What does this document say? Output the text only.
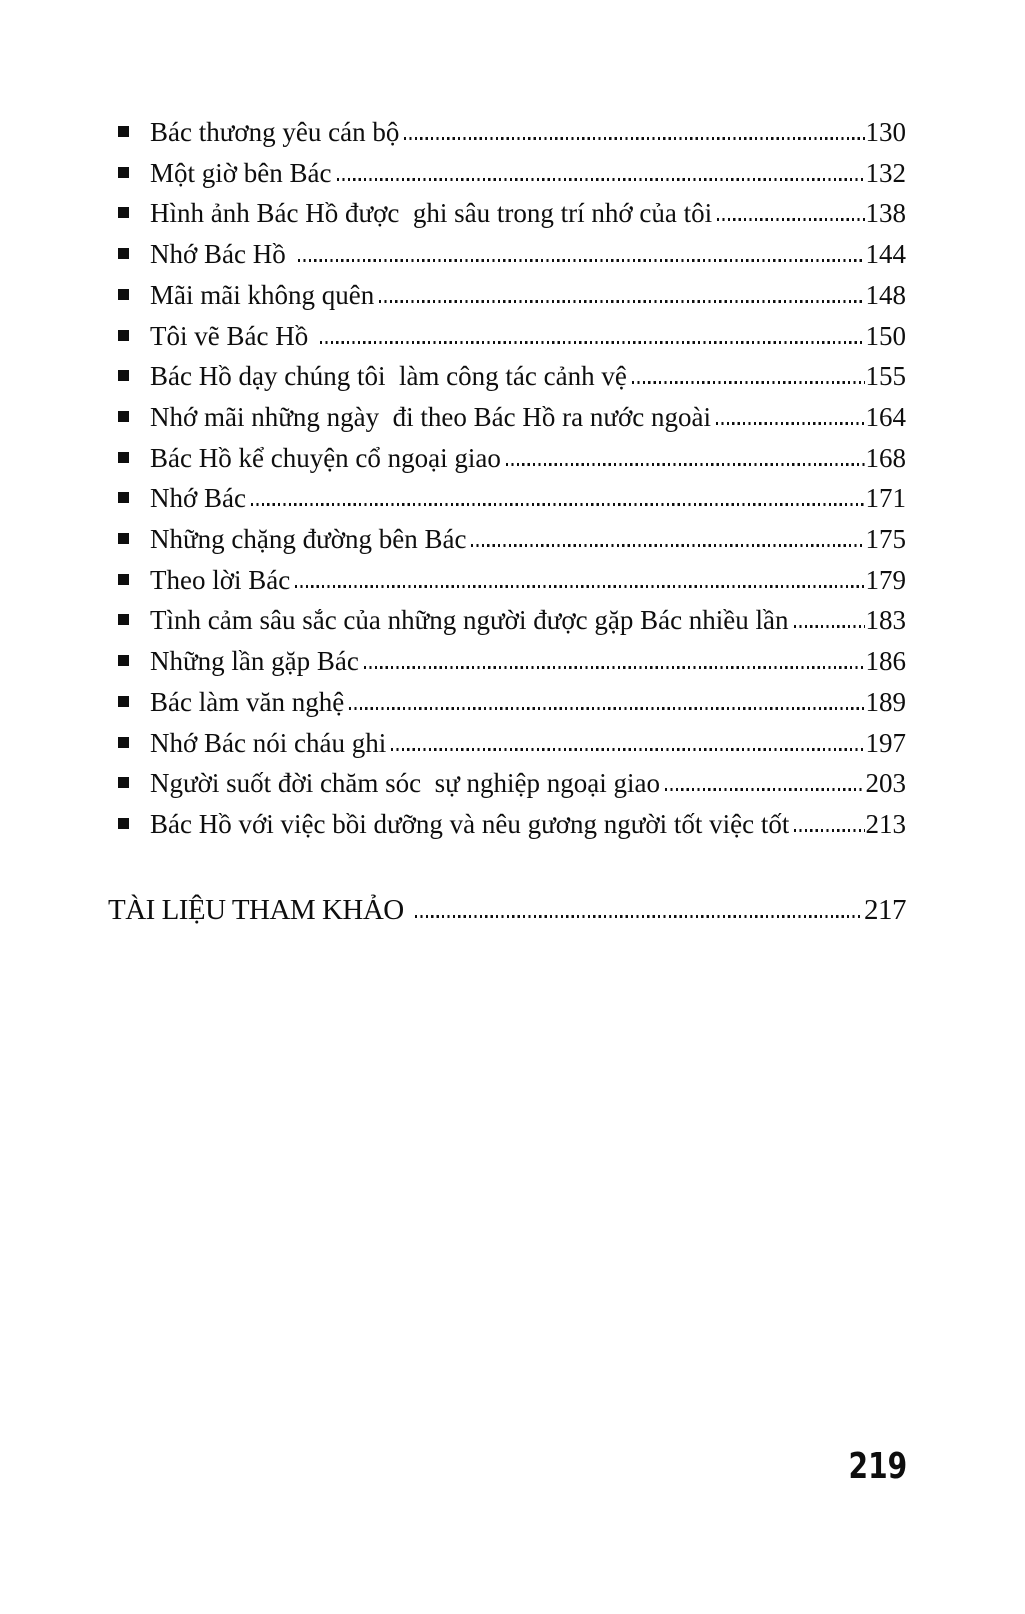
Bác thương yêu cán bộ	130
Một giờ bên Bác	132
Hình ảnh Bác Hồ được  ghi sâu trong trí nhớ của tôi	138
Nhớ Bác Hồ	144
Mãi mãi không quên	148
Tôi vẽ Bác Hồ	150
Bác Hồ dạy chúng tôi  làm công tác cảnh vệ	155
Nhớ mãi những ngày  đi theo Bác Hồ ra nước ngoài	164
Bác Hồ kể chuyện cổ ngoại giao	168
Nhớ Bác	171
Những chặng đường bên Bác	175
Theo lời Bác	179
Tình cảm sâu sắc của những người được gặp Bác nhiều lần	183
Những lần gặp Bác	186
Bác làm văn nghệ	189
Nhớ Bác nói cháu ghi	197
Người suốt đời chăm sóc  sự nghiệp ngoại giao	203
Bác Hồ với việc bồi dưỡng và nêu gương người tốt việc tốt	213
TÀI LIỆU THAM KHẢO	217
219
